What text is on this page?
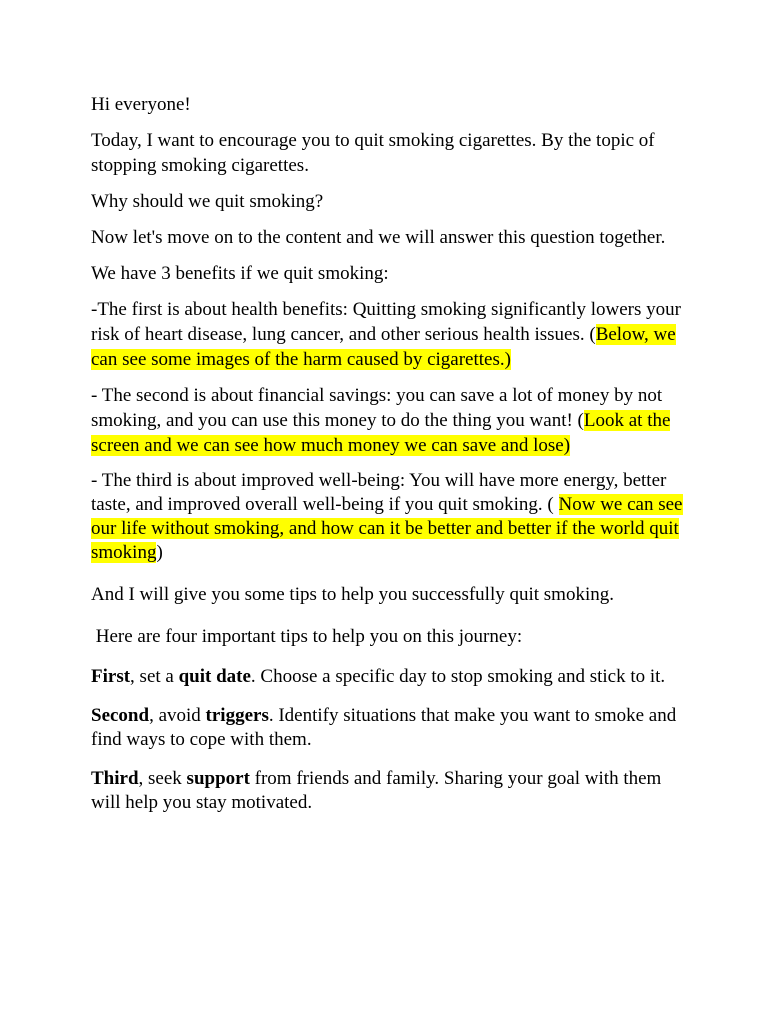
Hi everyone!

Today, I want to encourage you to quit smoking cigarettes. By the topic of stopping smoking cigarettes.

Why should we quit smoking?

Now let's move on to the content and we will answer this question together.

We have 3 benefits if we quit smoking:

-The first is about health benefits: Quitting smoking significantly lowers your risk of heart disease, lung cancer, and other serious health issues. (Below, we can see some images of the harm caused by cigarettes.)

- The second is about financial savings: you can save a lot of money by not smoking, and you can use this money to do the thing you want! (Look at the screen and we can see how much money we can save and lose)

- The third is about improved well-being: You will have more energy, better taste, and improved overall well-being if you quit smoking. ( Now we can see our life without smoking, and how can it be better and better if the world quit smoking)

And I will give you some tips to help you successfully quit smoking.

Here are four important tips to help you on this journey:

First, set a quit date. Choose a specific day to stop smoking and stick to it.

Second, avoid triggers. Identify situations that make you want to smoke and find ways to cope with them.

Third, seek support from friends and family. Sharing your goal with them will help you stay motivated.
